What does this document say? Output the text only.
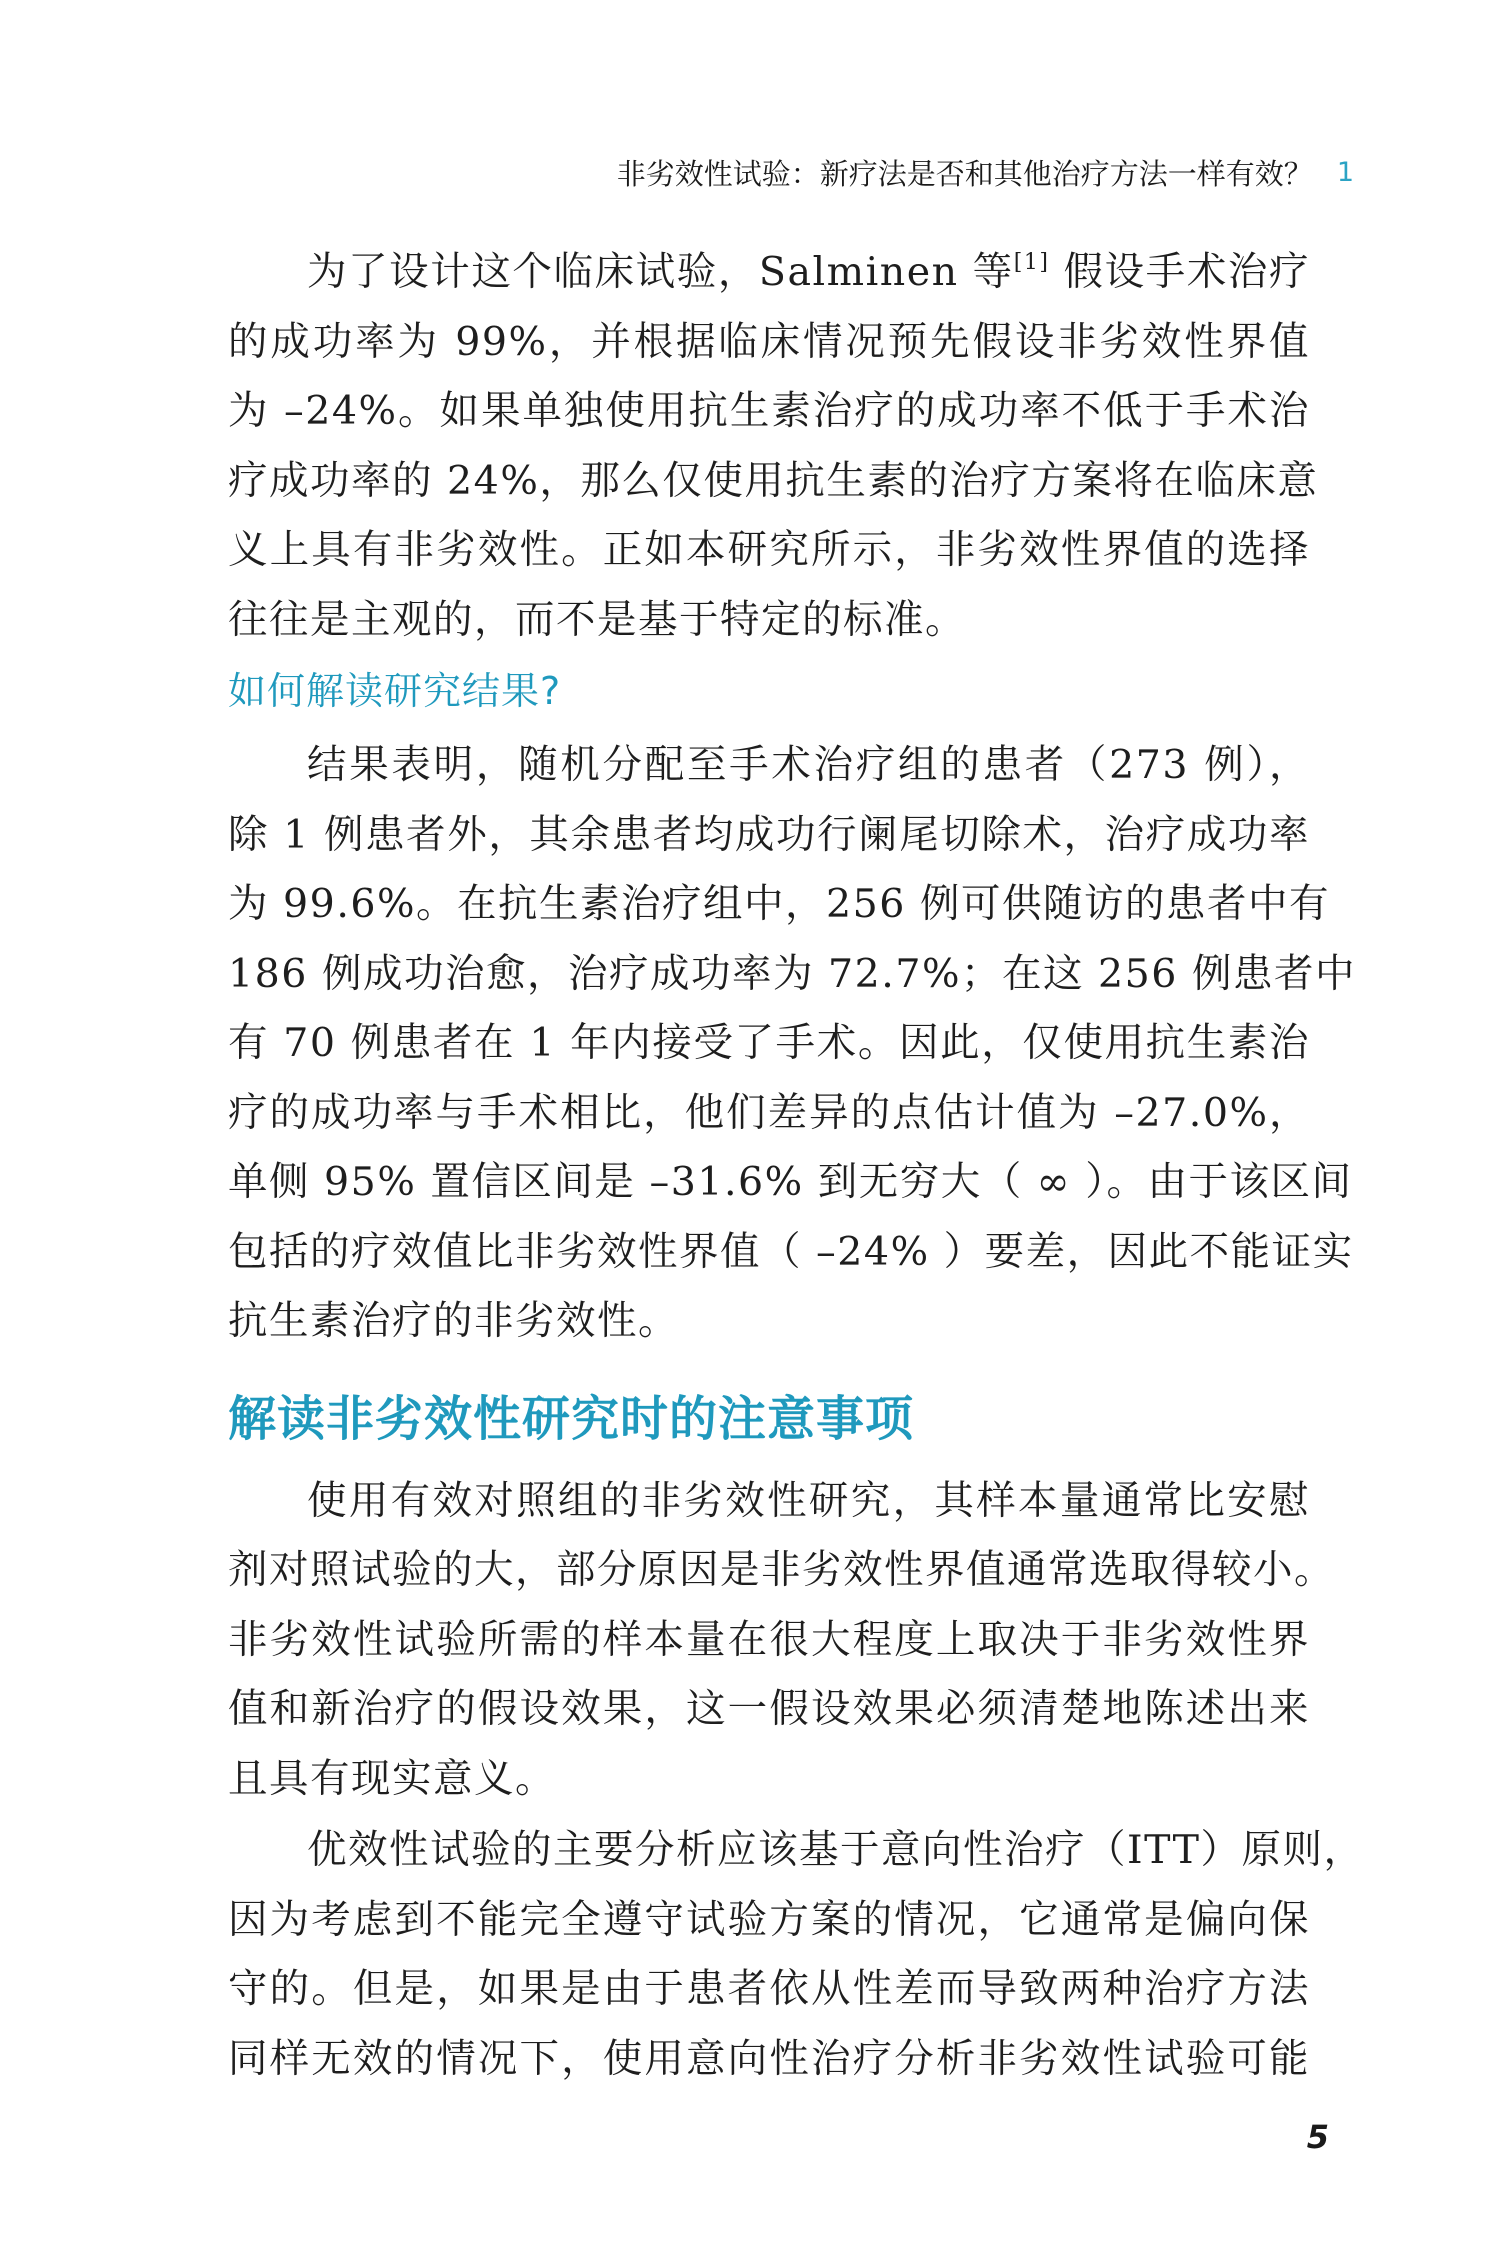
非劣效性试验：新疗法是否和其他治疗方法一样有效？ 1

为了设计这个临床试验，Salminen 等[1] 假设手术治疗
的成功率为 99%，并根据临床情况预先假设非劣效性界值
为 –24%。如果单独使用抗生素治疗的成功率不低于手术治
疗成功率的 24%，那么仅使用抗生素的治疗方案将在临床意
义上具有非劣效性。正如本研究所示，非劣效性界值的选择
往往是主观的，而不是基于特定的标准。

如何解读研究结果?

结果表明，随机分配至手术治疗组的患者（273 例），
除 1 例患者外，其余患者均成功行阑尾切除术，治疗成功率
为 99.6%。在抗生素治疗组中，256 例可供随访的患者中有
186 例成功治愈，治疗成功率为 72.7%；在这 256 例患者中
有 70 例患者在 1 年内接受了手术。因此，仅使用抗生素治
疗的成功率与手术相比，他们差异的点估计值为 –27.0%，
单侧 95% 置信区间是 –31.6% 到无穷大（ ∞ ）。由于该区间
包括的疗效值比非劣效性界值（ –24% ）要差，因此不能证实
抗生素治疗的非劣效性。

解读非劣效性研究时的注意事项

使用有效对照组的非劣效性研究，其样本量通常比安慰
剂对照试验的大，部分原因是非劣效性界值通常选取得较小。
非劣效性试验所需的样本量在很大程度上取决于非劣效性界
值和新治疗的假设效果，这一假设效果必须清楚地陈述出来
且具有现实意义。

优效性试验的主要分析应该基于意向性治疗（ITT）原则，
因为考虑到不能完全遵守试验方案的情况，它通常是偏向保
守的。但是，如果是由于患者依从性差而导致两种治疗方法
同样无效的情况下，使用意向性治疗分析非劣效性试验可能

5
